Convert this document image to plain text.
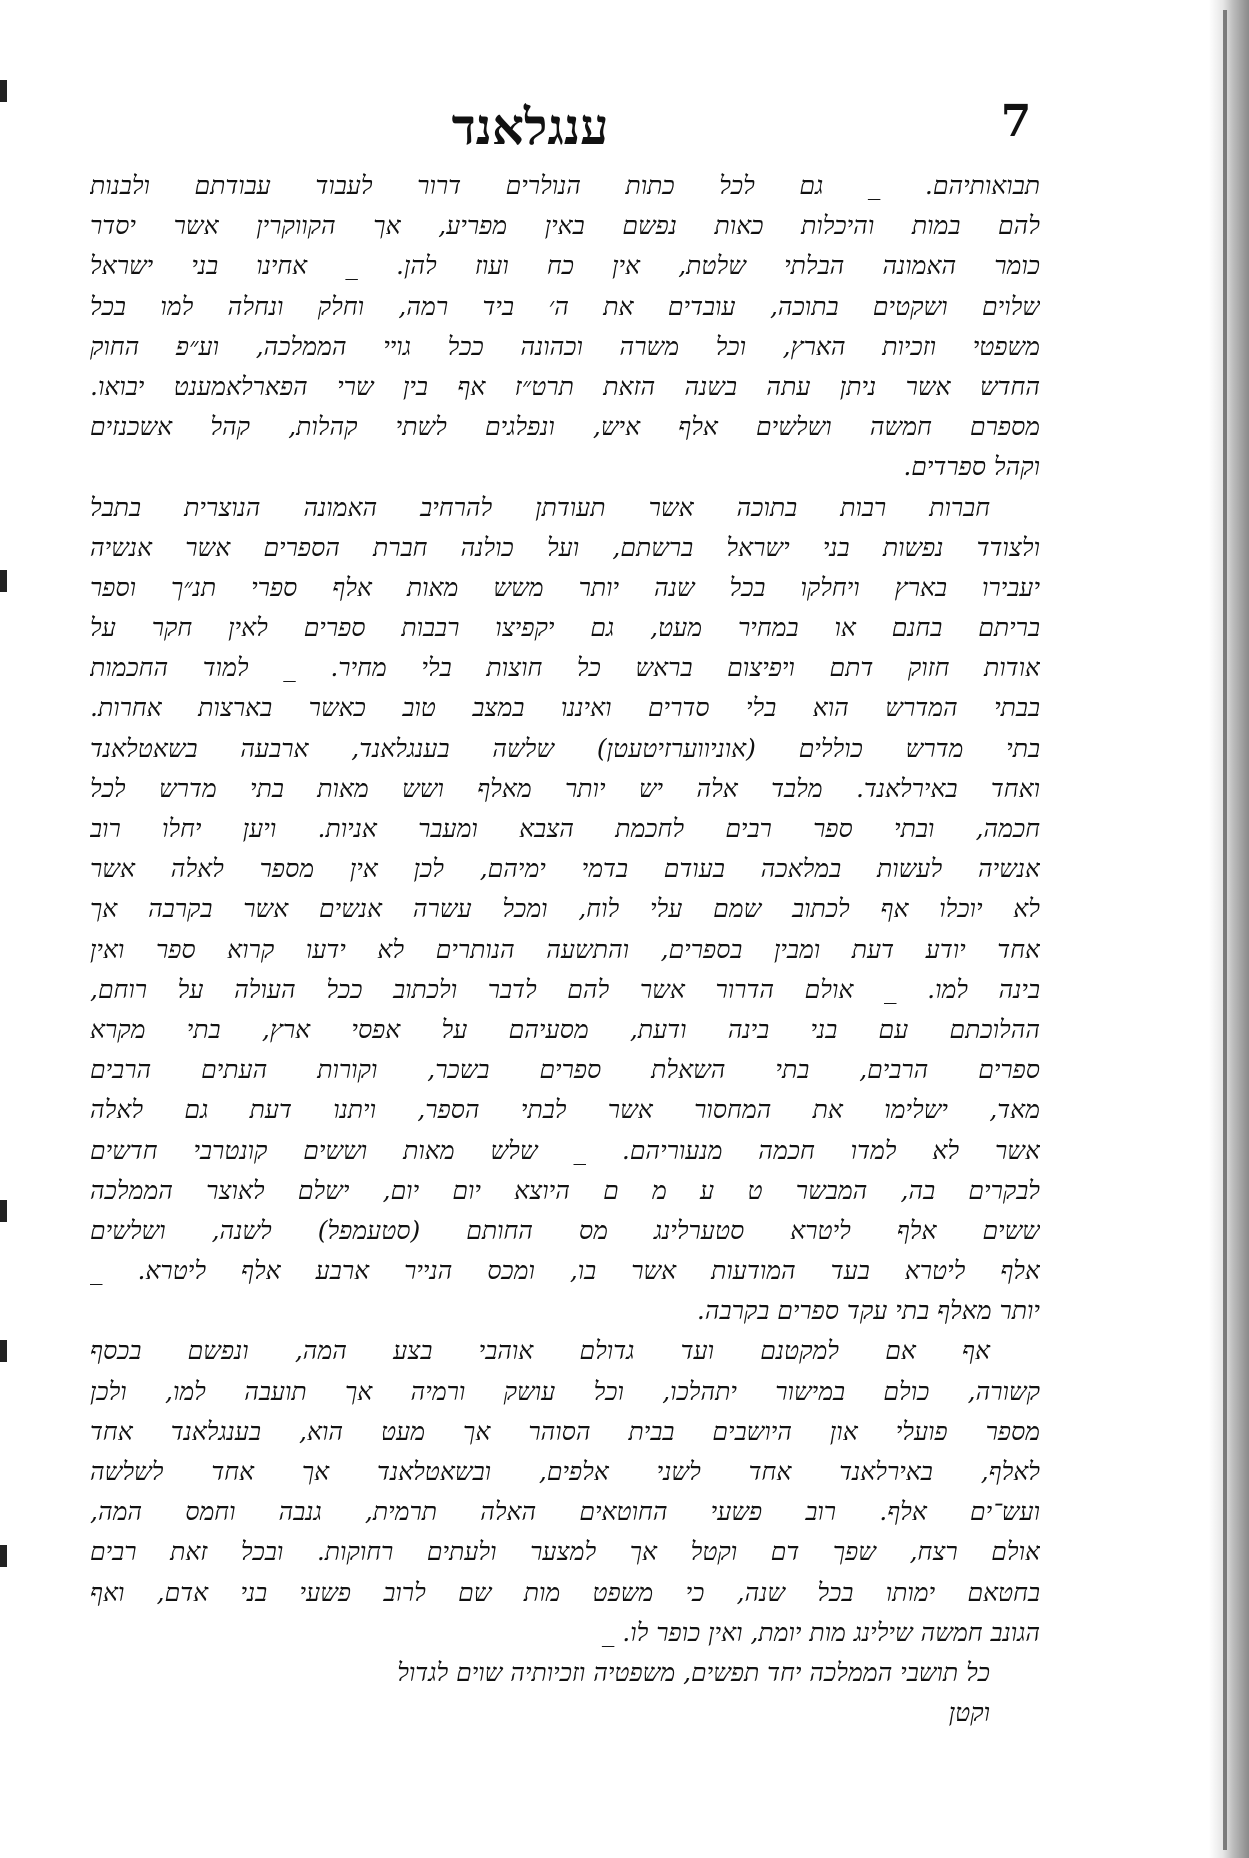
7
ענגלאנד
תבואותיהם. _ גם לכל כתות הנולרים דרור לעבוד עבודתם ולבנות
להם במות והיכלות כאות נפשם באין מפריע, אך הקווקרין אשר יסדר
כומר האמונה הבלתי שלטת, אין כח ועוז להן. _ אחינו בני ישראל
שלוים ושקטים בתוכה, עובדים את ה׳ ביד רמה, וחלק ונחלה למו בכל
משפטי וזכיות הארץ, וכל משרה וכהונה ככל גויי הממלכה, וע״פ החוק
החדש אשר ניתן עתה בשנה הזאת תרט״ז אף בין שרי הפארלאמענט יבואו.
מספרם חמשה ושלשים אלף איש, ונפלגים לשתי קהלות, קהל אשכנזים
וקהל ספרדים.
חברות רבות בתוכה אשר תעודתן להרחיב האמונה הנוצרית בתבל
ולצודד נפשות בני ישראל ברשתם, ועל כולנה חברת הספרים אשר אנשיה
יעבירו בארץ ויחלקו בכל שנה יותר משש מאות אלף ספרי תנ״ך וספר
בריתם בחנם או במחיר מעט, גם יקפיצו רבבות ספרים לאין חקר על
אודות חזוק דתם ויפיצום בראש כל חוצות בלי מחיר. _ למוד החכמות
בבתי המדרש הוא בלי סדרים ואיננו במצב טוב כאשר בארצות אחרות.
בתי מדרש כוללים (אוניווערזיטעטן) שלשה בענגלאנד, ארבעה בשאטלאנד
ואחד באירלאנד. מלבד אלה יש יותר מאלף ושש מאות בתי מדרש לכל
חכמה, ובתי ספר רבים לחכמת הצבא ומעבר אניות. ויען יחלו רוב
אנשיה לעשות במלאכה בעודם בדמי ימיהם, לכן אין מספר לאלה אשר
לא יוכלו אף לכתוב שמם עלי לוח, ומכל עשרה אנשים אשר בקרבה אך
אחד יודע דעת ומבין בספרים, והתשעה הנותרים לא ידעו קרוא ספר ואין
בינה למו. _ אולם הדרור אשר להם לדבר ולכתוב ככל העולה על רוחם,
ההלוכתם עם בני בינה ודעת, מסעיהם על אפסי ארץ, בתי מקרא
ספרים הרבים, בתי השאלת ספרים בשכר, וקורות העתים הרבים
מאד, ישלימו את המחסור אשר לבתי הספר, ויתנו דעת גם לאלה
אשר לא למדו חכמה מנעוריהם. _ שלש מאות וששים קונטרבי חדשים
לבקרים בה, המבשר ט ע מ ם היוצא יום יום, ישלם לאוצר הממלכה
ששים אלף ליטרא סטערלינג מס החותם (סטעמפל) לשנה, ושלשים
אלף ליטרא בעד המודעות אשר בו, ומכס הנייר ארבע אלף ליטרא. _
יותר מאלף בתי עקד ספרים בקרבה.
אף אם למקטנם ועד גדולם אוהבי בצע המה, ונפשם בכסף
קשורה, כולם במישור יתהלכו, וכל עושק ורמיה אך תועבה למו, ולכן
מספר פועלי און היושבים בבית הסוהר אך מעט הוא, בענגלאנד אחד
לאלף, באירלאנד אחד לשני אלפים, ובשאטלאנד אך אחד לשלשה
ועש־ים אלף. רוב פשעי החוטאים האלה תרמית, גנבה וחמס המה,
אולם רצח, שפך דם וקטל אך למצער ולעתים רחוקות. ובכל זאת רבים
בחטאם ימותו בכל שנה, כי משפט מות שם לרוב פשעי בני אדם, ואף
הגונב חמשה שילינג מות יומת, ואין כופר לו. _
כל תושבי הממלכה יחד תפשים, משפטיה וזכיותיה שוים לגדול
וקטן
